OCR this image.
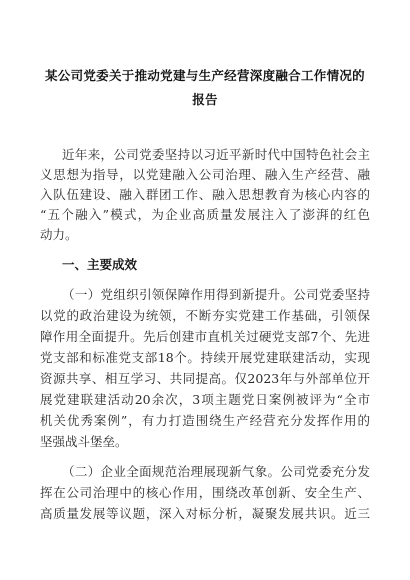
某公司党委关于推动党建与生产经营深度融合工作情况的
报告
近年来，公司党委坚持以习近平新时代中国特色社会主
义思想为指导，以党建融入公司治理、融入生产经营、融
入队伍建设、融入群团工作、融入思想教育为核心内容的
“五个融入”模式，为企业高质量发展注入了澎湃的红色
动力。
一、主要成效
（一）党组织引领保障作用得到新提升。公司党委坚持
以党的政治建设为统领，不断夯实党建工作基础，引领保
障作用全面提升。先后创建市直机关过硬党支部7个、先进
党支部和标准党支部18个。持续开展党建联建活动，实现
资源共享、相互学习、共同提高。仅2023年与外部单位开
展党建联建活动20余次，3项主题党日案例被评为“全市
机关优秀案例”，有力打造围绕生产经营充分发挥作用的
坚强战斗堡垒。
（二）企业全面规范治理展现新气象。公司党委充分发
挥在公司治理中的核心作用，围绕改革创新、安全生产、
高质量发展等议题，深入对标分析，凝聚发展共识。近三
